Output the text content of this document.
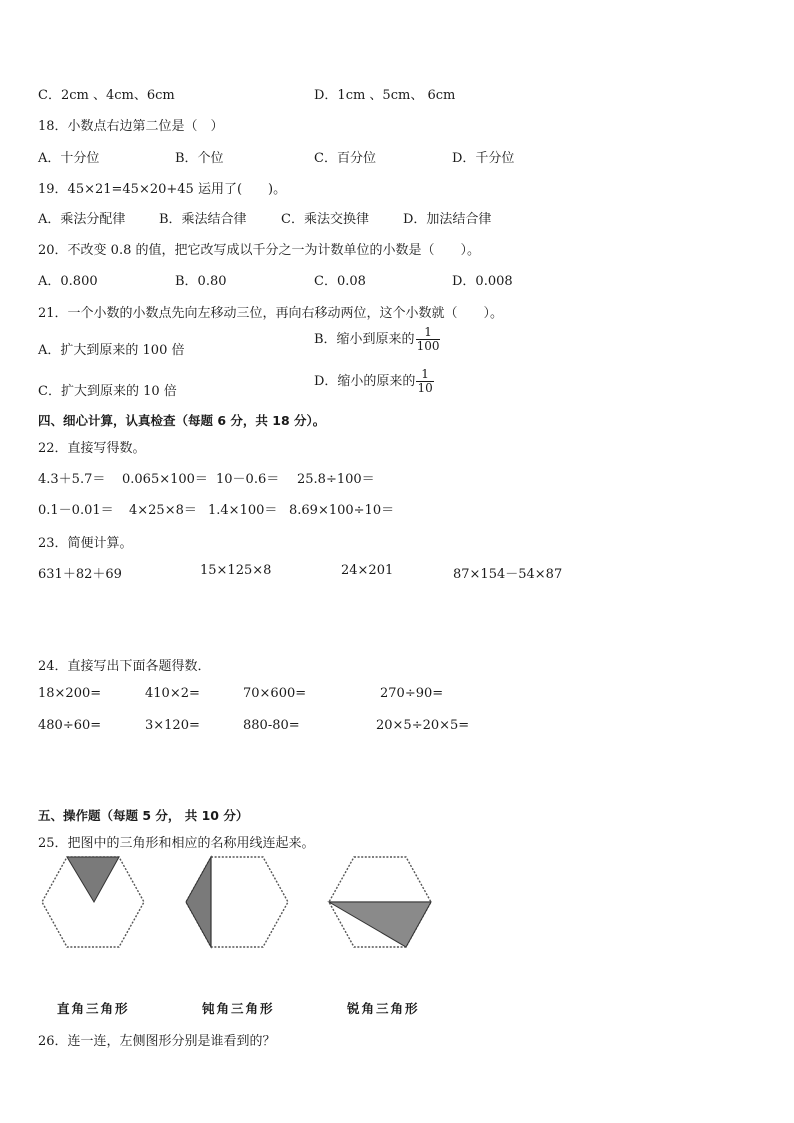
C．2cm 、4cm、6cm	D．1cm 、5cm、 6cm
18．小数点右边第二位是（　）
A．十分位	B．个位	C．百分位	D．千分位
19．45×21=45×20+45 运用了(　　)。
A．乘法分配律	B．乘法结合律	C．乘法交换律	D．加法结合律
20．不改变 0.8 的值，把它改写成以千分之一为计数单位的小数是（　　）。
A．0.800	B．0.80	C．0.08	D．0.008
21．一个小数的小数点先向左移动三位，再向右移动两位，这个小数就（　　）。
A．扩大到原来的 100 倍
B．缩小到原来的 $\frac{1}{100}$
C．扩大到原来的 10 倍
D．缩小的原来的 $\frac{1}{10}$
四、细心计算，认真检查（每题 6 分，共 18 分）。
22．直接写得数。
4.3＋5.7＝ 0.065×100＝ 10－0.6＝ 25.8÷100＝
0.1－0.01＝ 4×25×8＝ 1.4×100＝ 8.69×100÷10＝
23．简便计算。
631＋82＋69	15×125×8	24×201	87×154－54×87
24．直接写出下面各题得数．
18×200=	410×2=	70×600=	270÷90=
480÷60=	3×120=	880-80=	20×5÷20×5=
五、操作题（每题 5 分， 共 10 分）
25．把图中的三角形和相应的名称用线连起来。
直角三角形	钝角三角形	锐角三角形
26．连一连，左侧图形分别是谁看到的？
